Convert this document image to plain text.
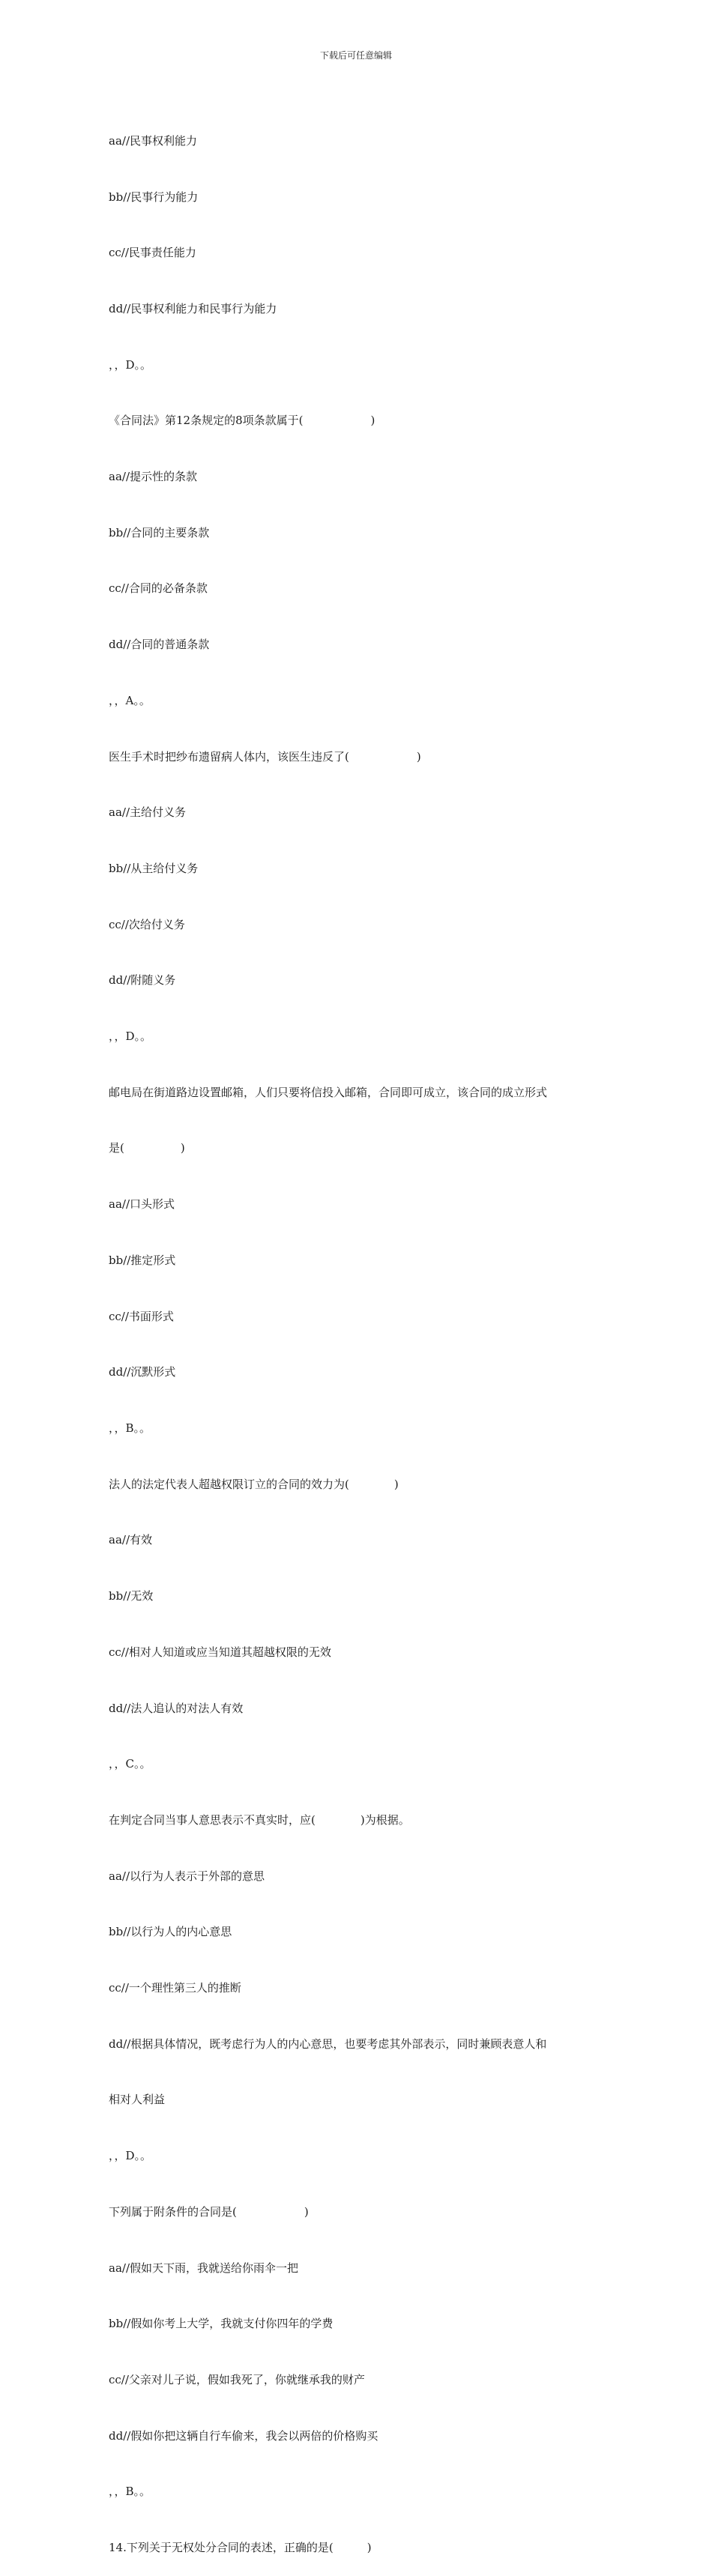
下载后可任意编辑

aa//民事权利能力

bb//民事行为能力

cc//民事责任能力

dd//民事权利能力和民事行为能力

，，D。。

《合同法》第12条规定的8项条款属于(　　　　　　)

aa//提示性的条款

bb//合同的主要条款

cc//合同的必备条款

dd//合同的普通条款

，，A。。

医生手术时把纱布遗留病人体内，该医生违反了(　　　　　　)

aa//主给付义务

bb//从主给付义务

cc//次给付义务

dd//附随义务

，，D。。

邮电局在街道路边设置邮箱，人们只要将信投入邮箱，合同即可成立，该合同的成立形式

是(　　　　　)

aa//口头形式

bb//推定形式

cc//书面形式

dd//沉默形式

，，B。。

法人的法定代表人超越权限订立的合同的效力为(　　　　)

aa//有效

bb//无效

cc//相对人知道或应当知道其超越权限的无效

dd//法人追认的对法人有效

，，C。。

在判定合同当事人意思表示不真实时，应(　　　　)为根据。

aa//以行为人表示于外部的意思

bb//以行为人的内心意思

cc//一个理性第三人的推断

dd//根据具体情况，既考虑行为人的内心意思，也要考虑其外部表示，同时兼顾表意人和

相对人利益

，，D。。

下列属于附条件的合同是(　　　　　　)

aa//假如天下雨，我就送给你雨伞一把

bb//假如你考上大学，我就支付你四年的学费

cc//父亲对儿子说，假如我死了，你就继承我的财产

dd//假如你把这辆自行车偷来，我会以两倍的价格购买

，，B。。

14.下列关于无权处分合同的表述，正确的是(　　　)
